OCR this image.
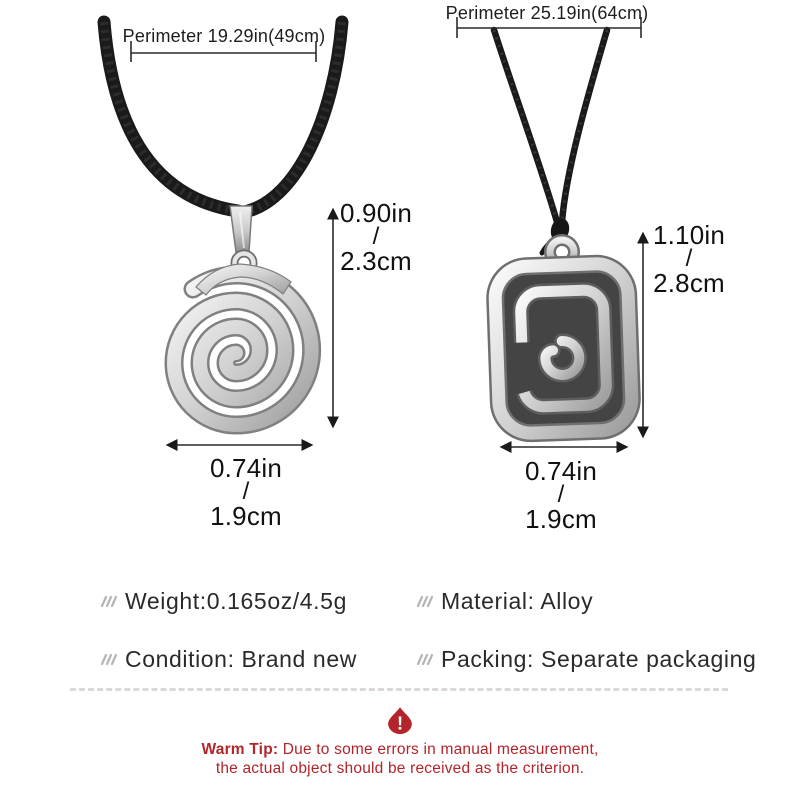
Perimeter 19.29in(49cm)
Perimeter 25.19in(64cm)
0.90in
/
2.3cm
0.74in
/
1.9cm
1.10in
/
2.8cm
0.74in
/
1.9cm
Weight:0.165oz/4.5g	Material: Alloy
Condition: Brand new	Packing: Separate packaging
!
Warm Tip: Due to some errors in manual measurement,
the actual object should be received as the criterion.
